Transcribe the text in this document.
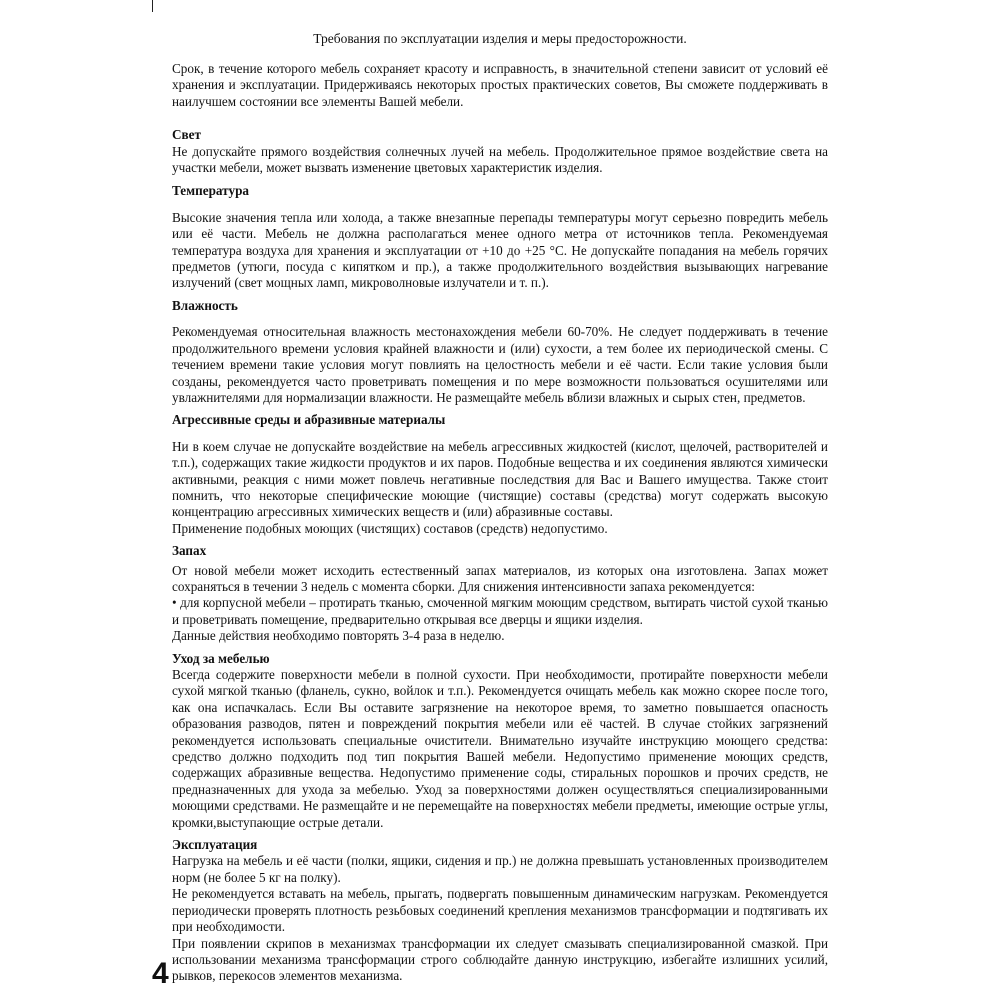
Требования по эксплуатации изделия и меры предосторожности.

Срок, в течение которого мебель сохраняет красоту и исправность, в значительной степени зависит от условий её хранения и эксплуатации. Придерживаясь некоторых простых практических советов, Вы сможете поддерживать в наилучшем состоянии все элементы Вашей мебели.

Свет

Не допускайте прямого воздействия солнечных лучей на мебель. Продолжительное прямое воздействие света на участки мебели, может вызвать изменение цветовых характеристик изделия.

Температура

Высокие значения тепла или холода, а также внезапные перепады температуры могут серьезно повредить мебель или её части. Мебель не должна располагаться менее одного метра от источников тепла. Рекомендуемая температура воздуха для хранения и эксплуатации от +10 до +25 °С. Не допускайте попадания на мебель горячих предметов (утюги, посуда с кипятком и пр.), а также продолжительного воздействия вызывающих нагревание излучений (свет мощных ламп, микроволновые излучатели и т. п.).

Влажность

Рекомендуемая относительная влажность местонахождения мебели 60-70%. Не следует поддерживать в течение продолжительного времени условия крайней влажности и (или) сухости, а тем более их периодической смены. С течением времени такие условия могут повлиять на целостность мебели и её части. Если такие условия были созданы, рекомендуется часто проветривать помещения и по мере возможности пользоваться осушителями или увлажнителями для нормализации влажности. Не размещайте мебель вблизи влажных и сырых стен, предметов.

Агрессивные среды и абразивные материалы

Ни в коем случае не допускайте воздействие на мебель агрессивных жидкостей (кислот, щелочей, растворителей и т.п.), содержащих такие жидкости продуктов и их паров. Подобные вещества и их соединения являются химически активными, реакция с ними может повлечь негативные последствия для Вас и Вашего имущества. Также стоит помнить, что некоторые специфические моющие (чистящие) составы (средства) могут содержать высокую концентрацию агрессивных химических веществ и (или) абразивные составы.

Применение подобных моющих (чистящих) составов (средств) недопустимо.

Запах

От новой мебели может исходить естественный запах материалов, из которых она изготовлена. Запах может сохраняться в течении 3 недель с момента сборки. Для снижения интенсивности запаха рекомендуется:

• для корпусной мебели – протирать тканью, смоченной мягким моющим средством, вытирать чистой сухой тканью и проветривать помещение, предварительно открывая все дверцы и ящики изделия.

Данные действия необходимо повторять 3-4 раза в неделю.

Уход за мебелью

Всегда содержите поверхности мебели в полной сухости. При необходимости, протирайте поверхности мебели сухой мягкой тканью (фланель, сукно, войлок и т.п.). Рекомендуется очищать мебель как можно скорее после того, как она испачкалась. Если Вы оставите загрязнение на некоторое время, то заметно повышается опасность образования разводов, пятен и повреждений покрытия мебели или её частей. В случае стойких загрязнений рекомендуется использовать специальные очистители. Внимательно изучайте инструкцию моющего средства: средство должно подходить под тип покрытия Вашей мебели. Недопустимо применение моющих средств, содержащих абразивные вещества. Недопустимо применение соды, стиральных порошков и прочих средств, не предназначенных для ухода за мебелью. Уход за поверхностями должен осуществляться специализированными моющими средствами. Не размещайте и не перемещайте на поверхностях мебели предметы, имеющие острые углы, кромки,выступающие острые детали.

Эксплуатация

Нагрузка на мебель и её части (полки, ящики, сидения и пр.) не должна превышать установленных производителем норм (не более 5 кг на полку).

Не рекомендуется вставать на мебель, прыгать, подвергать повышенным динамическим нагрузкам. Рекомендуется периодически проверять плотность резьбовых соединений крепления механизмов трансформации и подтягивать их при необходимости.

При появлении скрипов в механизмах трансформации их следует смазывать специализированной смазкой. При использовании механизма трансформации строго соблюдайте данную инструкцию, избегайте излишних усилий, рывков, перекосов элементов механизма.

4
